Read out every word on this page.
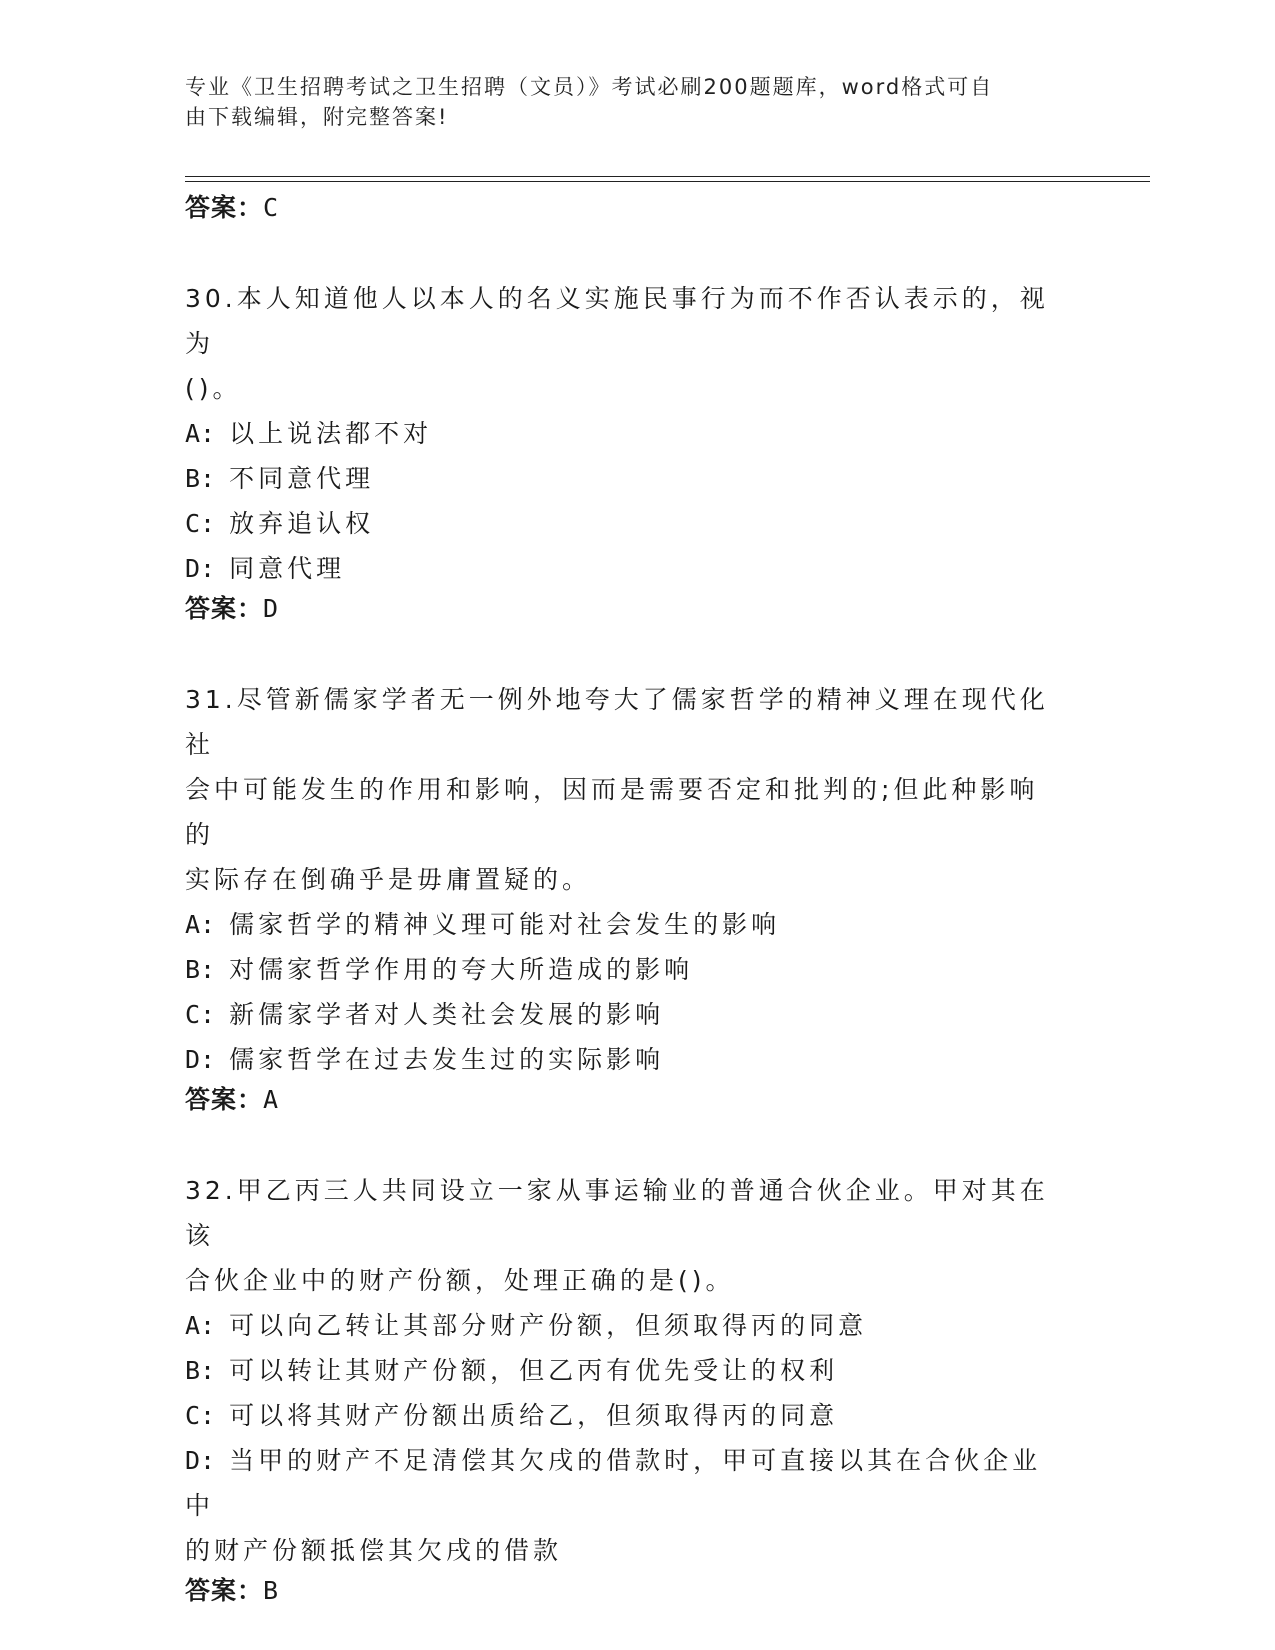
专业《卫生招聘考试之卫生招聘（文员）》考试必刷200题题库，word格式可自
由下载编辑，附完整答案!

答案：C

30.本人知道他人以本人的名义实施民事行为而不作否认表示的，视为

()。

A: 以上说法都不对

B: 不同意代理

C: 放弃追认权

D: 同意代理

答案：D

31.尽管新儒家学者无一例外地夸大了儒家哲学的精神义理在现代化社

会中可能发生的作用和影响，因而是需要否定和批判的;但此种影响的

实际存在倒确乎是毋庸置疑的。

A: 儒家哲学的精神义理可能对社会发生的影响

B: 对儒家哲学作用的夸大所造成的影响

C: 新儒家学者对人类社会发展的影响

D: 儒家哲学在过去发生过的实际影响

答案：A

32.甲乙丙三人共同设立一家从事运输业的普通合伙企业。甲对其在该

合伙企业中的财产份额，处理正确的是()。

A: 可以向乙转让其部分财产份额，但须取得丙的同意

B: 可以转让其财产份额，但乙丙有优先受让的权利

C: 可以将其财产份额出质给乙，但须取得丙的同意

D: 当甲的财产不足清偿其欠戌的借款时，甲可直接以其在合伙企业中

的财产份额抵偿其欠戌的借款

答案：B
